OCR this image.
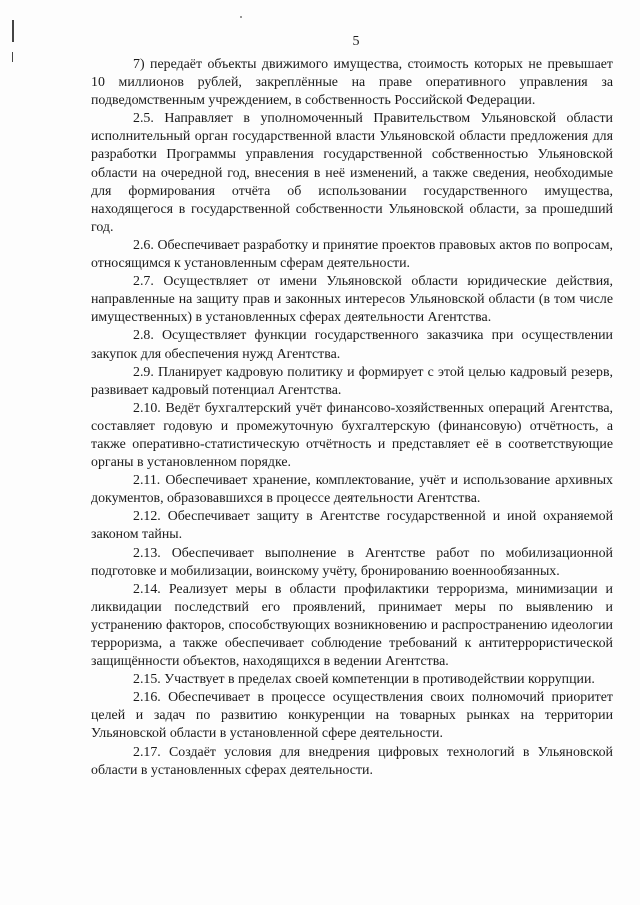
5

7) передаёт объекты движимого имущества, стоимость которых не превышает 10 миллионов рублей, закреплённые на праве оперативного управления за подведомственным учреждением, в собственность Российской Федерации.

2.5. Направляет в уполномоченный Правительством Ульяновской области исполнительный орган государственной власти Ульяновской области предложения для разработки Программы управления государственной собственностью Ульяновской области на очередной год, внесения в неё изменений, а также сведения, необходимые для формирования отчёта об использовании государственного имущества, находящегося в государственной собственности Ульяновской области, за прошедший год.

2.6. Обеспечивает разработку и принятие проектов правовых актов по вопросам, относящимся к установленным сферам деятельности.

2.7. Осуществляет от имени Ульяновской области юридические действия, направленные на защиту прав и законных интересов Ульяновской области (в том числе имущественных) в установленных сферах деятельности Агентства.

2.8. Осуществляет функции государственного заказчика при осуществлении закупок для обеспечения нужд Агентства.

2.9. Планирует кадровую политику и формирует с этой целью кадровый резерв, развивает кадровый потенциал Агентства.

2.10. Ведёт бухгалтерский учёт финансово-хозяйственных операций Агентства, составляет годовую и промежуточную бухгалтерскую (финансовую) отчётность, а также оперативно-статистическую отчётность и представляет её в соответствующие органы в установленном порядке.

2.11. Обеспечивает хранение, комплектование, учёт и использование архивных документов, образовавшихся в процессе деятельности Агентства.

2.12. Обеспечивает защиту в Агентстве государственной и иной охраняемой законом тайны.

2.13. Обеспечивает выполнение в Агентстве работ по мобилизационной подготовке и мобилизации, воинскому учёту, бронированию военнообязанных.

2.14. Реализует меры в области профилактики терроризма, минимизации и ликвидации последствий его проявлений, принимает меры по выявлению и устранению факторов, способствующих возникновению и распространению идеологии терроризма, а также обеспечивает соблюдение требований к антитеррористической защищённости объектов, находящихся в ведении Агентства.

2.15. Участвует в пределах своей компетенции в противодействии коррупции.

2.16. Обеспечивает в процессе осуществления своих полномочий приоритет целей и задач по развитию конкуренции на товарных рынках на территории Ульяновской области в установленной сфере деятельности.

2.17. Создаёт условия для внедрения цифровых технологий в Ульяновской области в установленных сферах деятельности.
